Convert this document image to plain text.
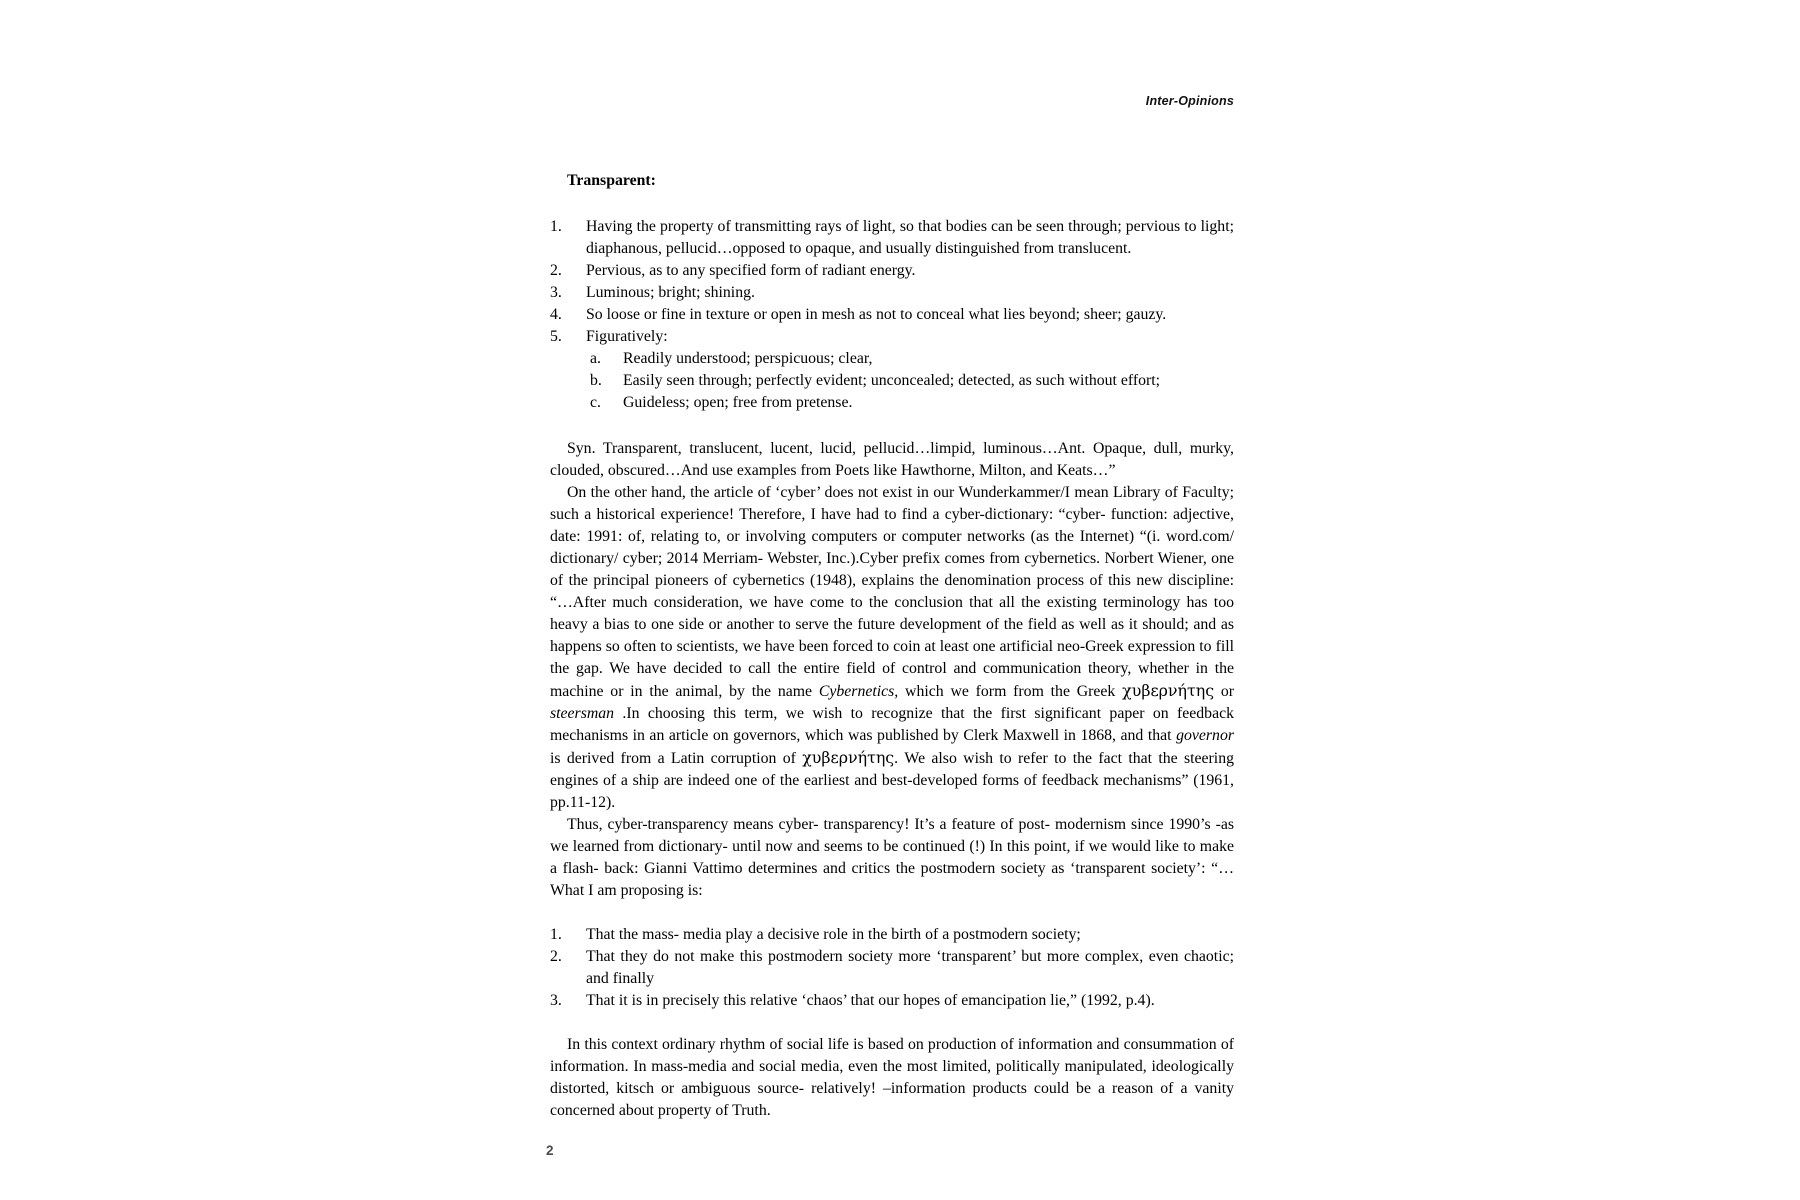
Inter-Opinions

Transparent:

1.	Having the property of transmitting rays of light, so that bodies can be seen through; pervious to light; diaphanous, pellucid…opposed to opaque, and usually distinguished from translucent.
2.	Pervious, as to any specified form of radiant energy.
3.	Luminous; bright; shining.
4.	So loose or fine in texture or open in mesh as not to conceal what lies beyond; sheer; gauzy.
5.	Figuratively:
a.	Readily understood; perspicuous; clear,
b.	Easily seen through; perfectly evident; unconcealed; detected, as such without effort;
c.	Guideless; open; free from pretense.

Syn. Transparent, translucent, lucent, lucid, pellucid…limpid, luminous…Ant. Opaque, dull, murky, clouded, obscured…And use examples from Poets like Hawthorne, Milton, and Keats…”

On the other hand, the article of ‘cyber’ does not exist in our Wunderkammer/I mean Library of Faculty; such a historical experience! Therefore, I have had to find a cyber-dictionary: “cyber- function: adjective, date: 1991: of, relating to, or involving computers or computer networks (as the Internet) “(i. word.com/ dictionary/ cyber; 2014 Merriam- Webster, Inc.).Cyber prefix comes from cybernetics. Norbert Wiener, one of the principal pioneers of cybernetics (1948), explains the denomination process of this new discipline: “…After much consideration, we have come to the conclusion that all the existing terminology has too heavy a bias to one side or another to serve the future development of the field as well as it should; and as happens so often to scientists, we have been forced to coin at least one artificial neo-Greek expression to fill the gap. We have decided to call the entire field of control and communication theory, whether in the machine or in the animal, by the name Cybernetics, which we form from the Greek χυβερνήτης or steersman .In choosing this term, we wish to recognize that the first significant paper on feedback mechanisms in an article on governors, which was published by Clerk Maxwell in 1868, and that governor is derived from a Latin corruption of χυβερνήτης. We also wish to refer to the fact that the steering engines of a ship are indeed one of the earliest and best-developed forms of feedback mechanisms” (1961, pp.11-12).

Thus, cyber-transparency means cyber- transparency! It’s a feature of post- modernism since 1990’s -as we learned from dictionary- until now and seems to be continued (!) In this point, if we would like to make a flash- back: Gianni Vattimo determines and critics the postmodern society as ‘transparent society’: “…What I am proposing is:

1.	That the mass- media play a decisive role in the birth of a postmodern society;
2.	That they do not make this postmodern society more ‘transparent’ but more complex, even chaotic; and finally
3.	That it is in precisely this relative ‘chaos’ that our hopes of emancipation lie,” (1992, p.4).

In this context ordinary rhythm of social life is based on production of information and consummation of information. In mass-media and social media, even the most limited, politically manipulated, ideologically distorted, kitsch or ambiguous source- relatively! –information products could be a reason of a vanity concerned about property of Truth.

2
